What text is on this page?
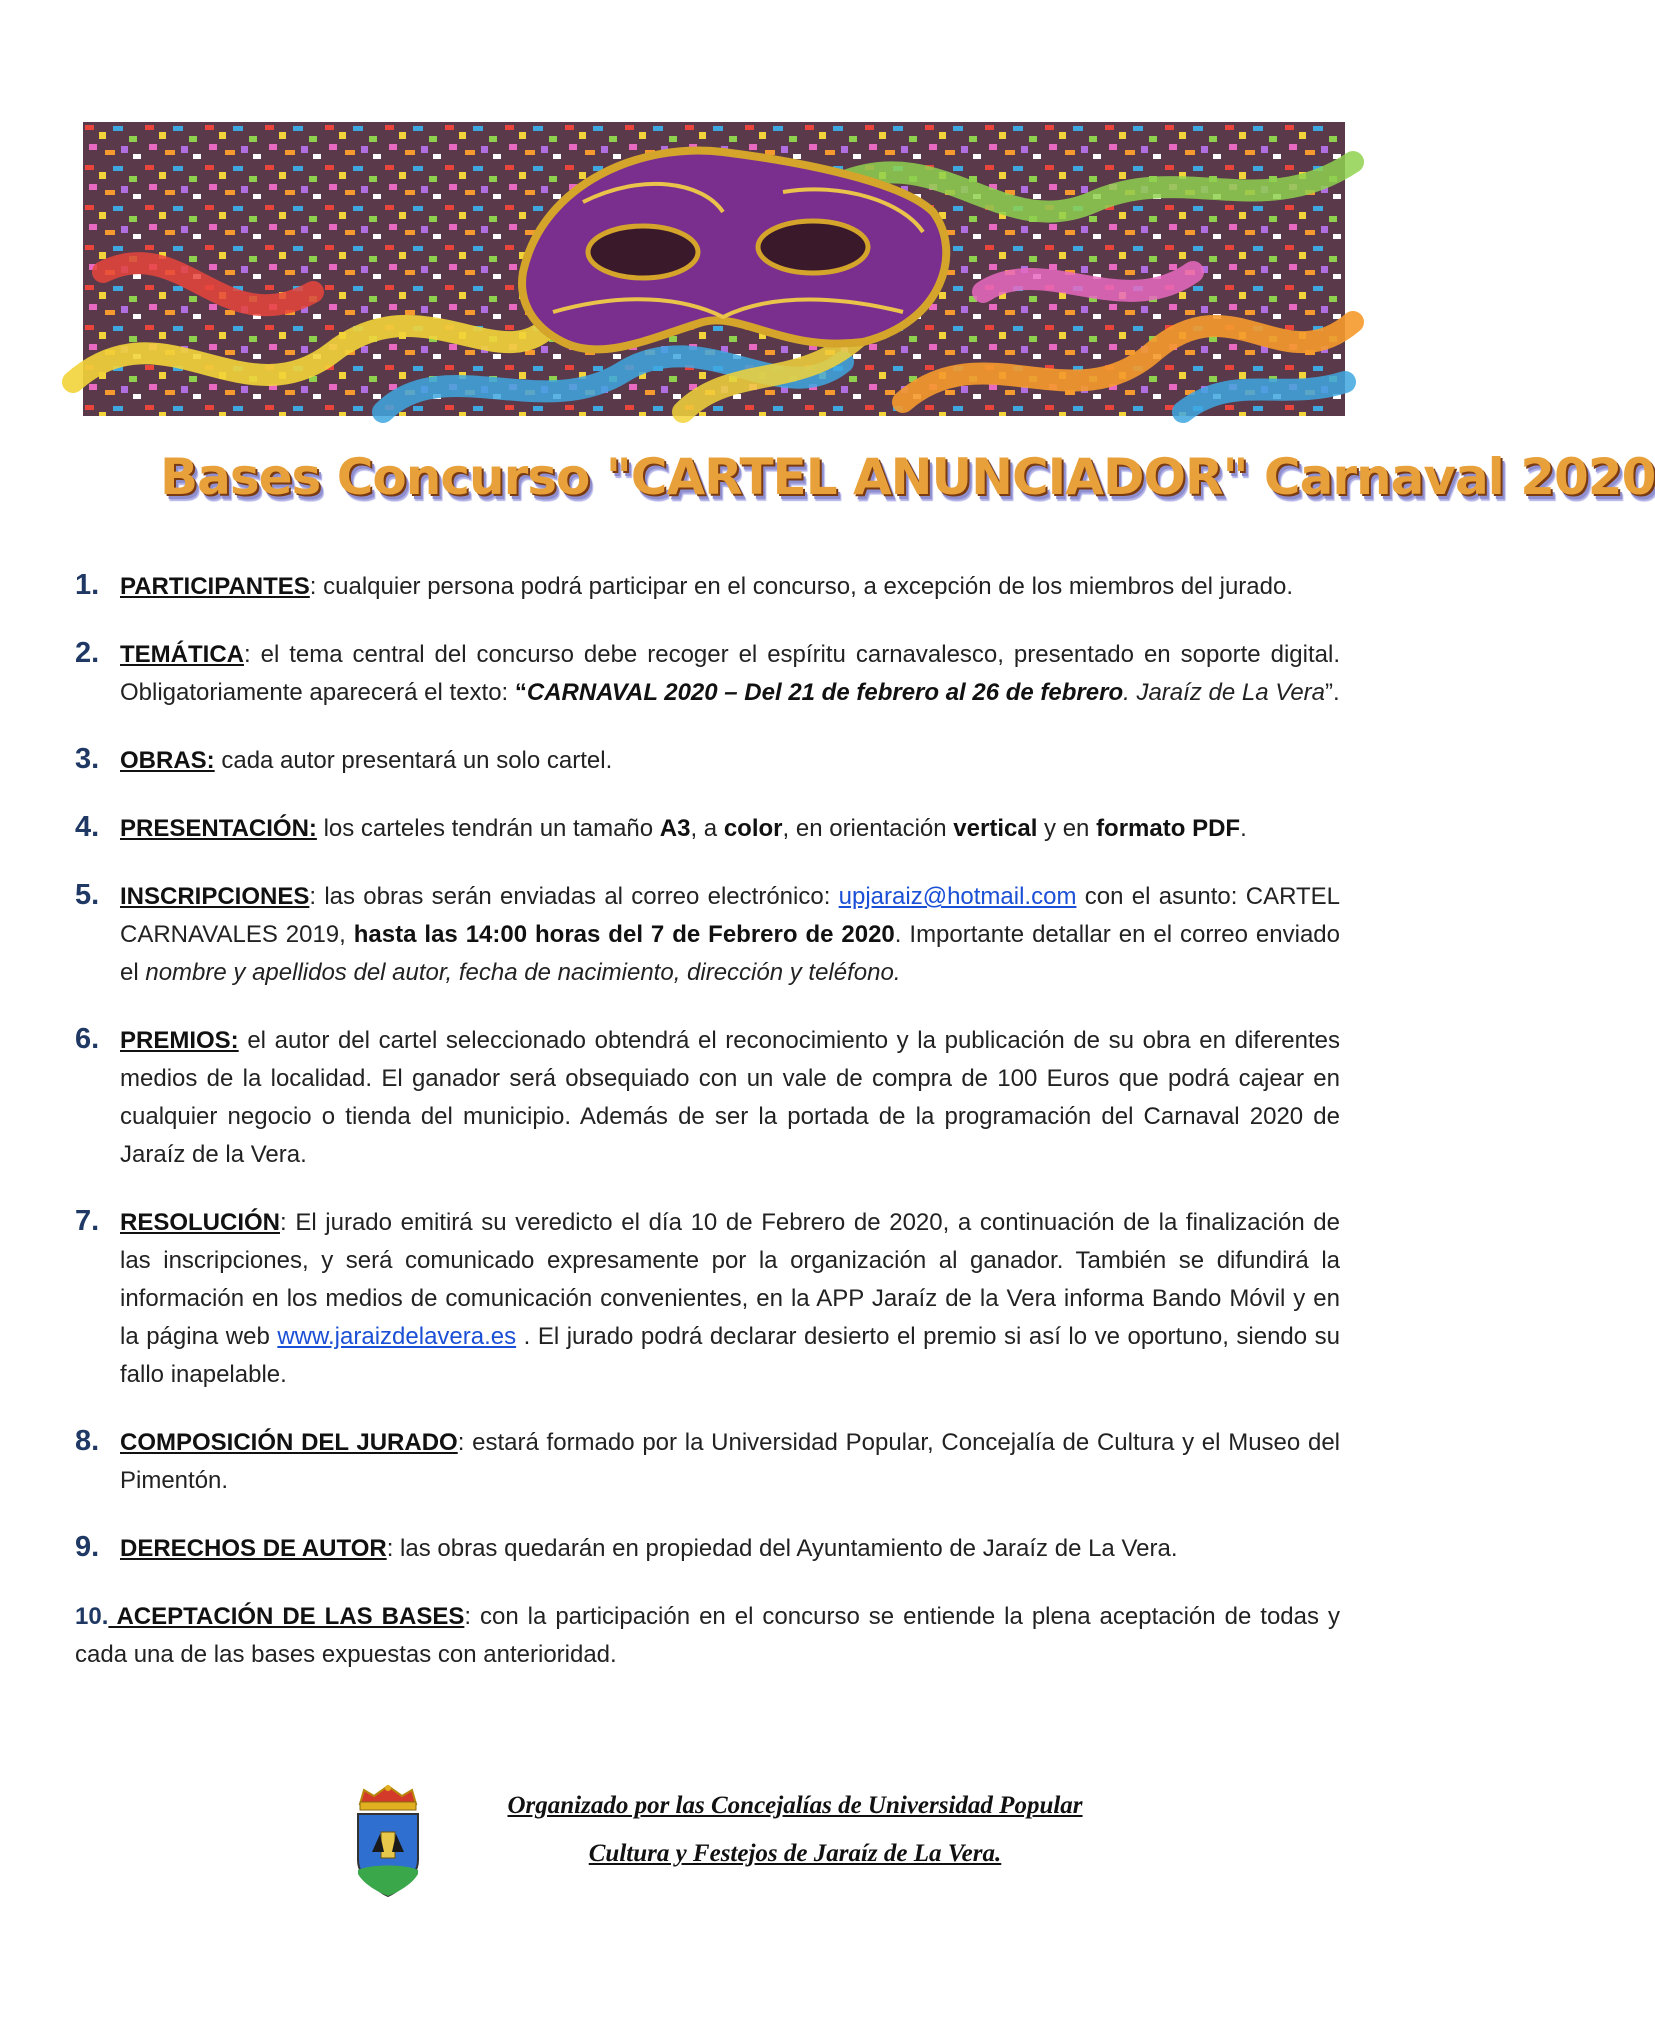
Bases Concurso "CARTEL ANUNCIADOR" Carnaval 2020
1. PARTICIPANTES: cualquier persona podrá participar en el concurso, a excepción de los miembros del jurado.
2. TEMÁTICA: el tema central del concurso debe recoger el espíritu carnavalesco, presentado en soporte digital. Obligatoriamente aparecerá el texto: “CARNAVAL 2020 – Del 21 de febrero al 26 de febrero. Jaraíz de La Vera”.
3. OBRAS: cada autor presentará un solo cartel.
4. PRESENTACIÓN: los carteles tendrán un tamaño A3, a color, en orientación vertical y en formato PDF.
5. INSCRIPCIONES: las obras serán enviadas al correo electrónico: upjaraiz@hotmail.com con el asunto: CARTEL CARNAVALES 2019, hasta las 14:00 horas del 7 de Febrero de 2020. Importante detallar en el correo enviado el nombre y apellidos del autor, fecha de nacimiento, dirección y teléfono.
6. PREMIOS: el autor del cartel seleccionado obtendrá el reconocimiento y la publicación de su obra en diferentes medios de la localidad. El ganador será obsequiado con un vale de compra de 100 Euros que podrá cajear en cualquier negocio o tienda del municipio. Además de ser la portada de la programación del Carnaval 2020 de Jaraíz de la Vera.
7. RESOLUCIÓN: El jurado emitirá su veredicto el día 10 de Febrero de 2020, a continuación de la finalización de las inscripciones, y será comunicado expresamente por la organización al ganador. También se difundirá la información en los medios de comunicación convenientes, en la APP Jaraíz de la Vera informa Bando Móvil y en la página web www.jaraizdelavera.es . El jurado podrá declarar desierto el premio si así lo ve oportuno, siendo su fallo inapelable.
8. COMPOSICIÓN DEL JURADO: estará formado por la Universidad Popular, Concejalía de Cultura y el Museo del Pimentón.
9. DERECHOS DE AUTOR: las obras quedarán en propiedad del Ayuntamiento de Jaraíz de La Vera.
10. ACEPTACIÓN DE LAS BASES: con la participación en el concurso se entiende la plena aceptación de todas y cada una de las bases expuestas con anterioridad.
Organizado por las Concejalías de Universidad Popular
Cultura y Festejos de Jaraíz de La Vera.
